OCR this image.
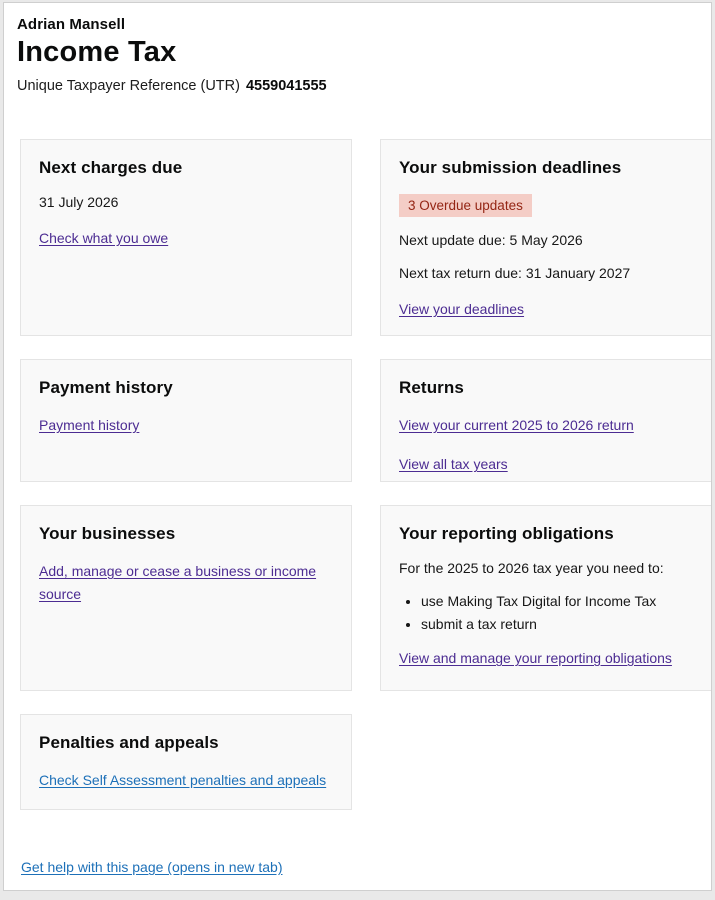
Adrian Mansell
Income Tax
Unique Taxpayer Reference (UTR) 4559041555
Next charges due

31 July 2026

Check what you owe
Your submission deadlines
3 Overdue updates

Next update due: 5 May 2026

Next tax return due: 31 January 2027

View your deadlines
Payment history
Payment history
Returns
View your current 2025 to 2026 return
View all tax years
Your businesses
Add, manage or cease a business or income source
Your reporting obligations

For the 2025 to 2026 tax year you need to:

• use Making Tax Digital for Income Tax
• submit a tax return
View and manage your reporting obligations
Penalties and appeals
Check Self Assessment penalties and appeals
Get help with this page (opens in new tab)
